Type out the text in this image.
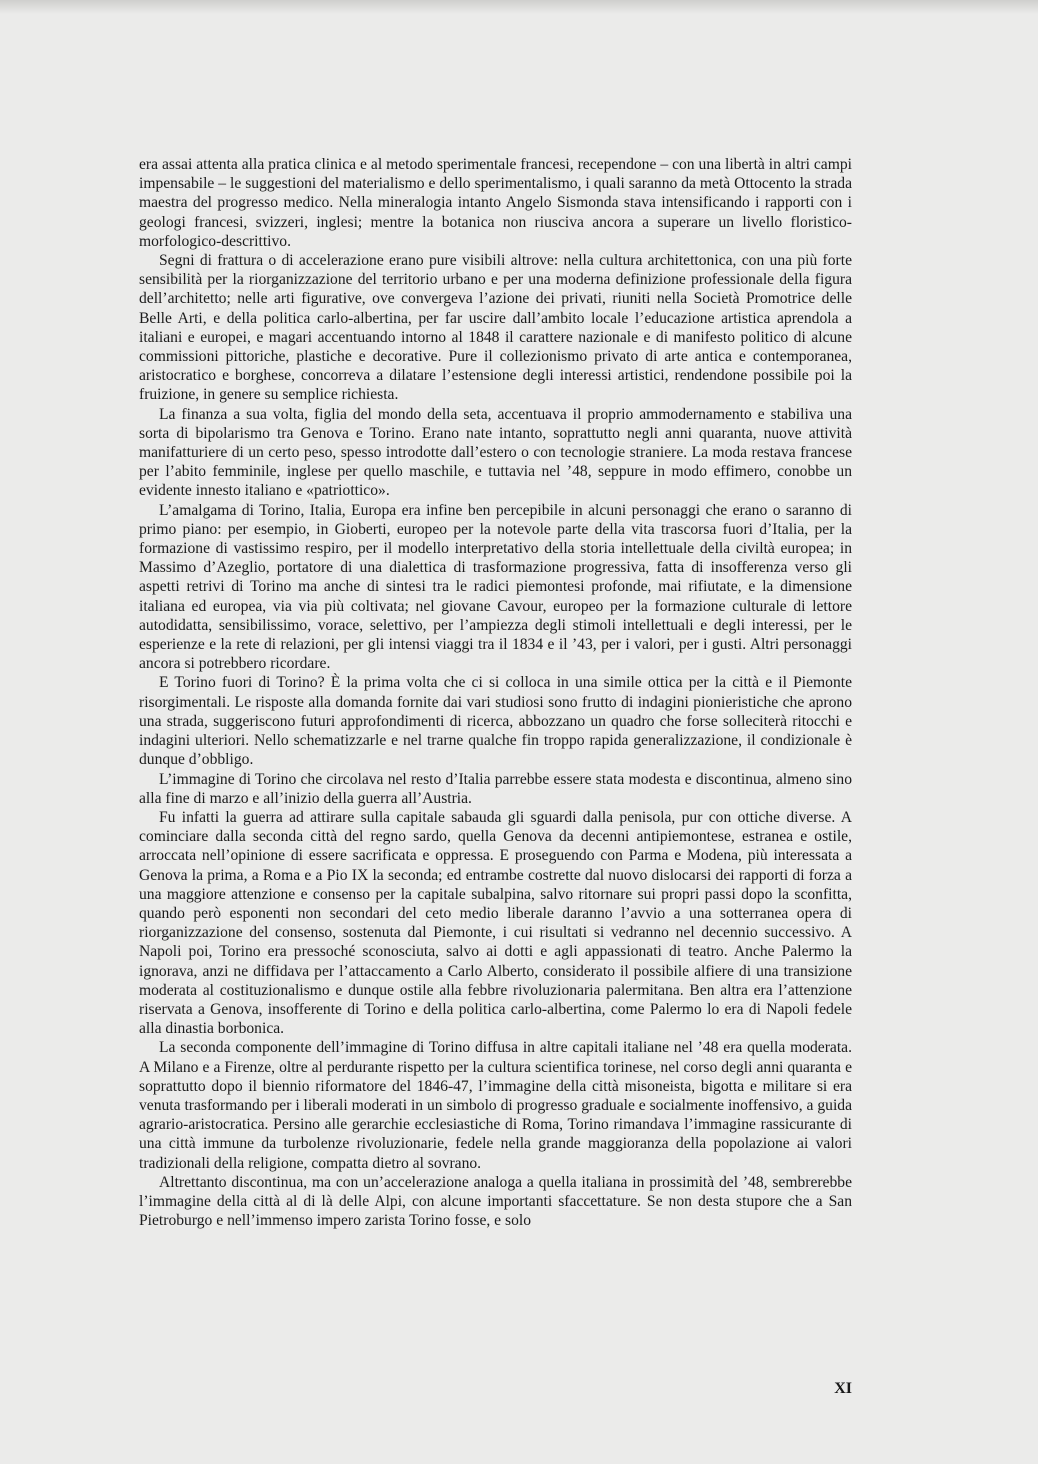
era assai attenta alla pratica clinica e al metodo sperimentale francesi, recependone – con una libertà in altri campi impensabile – le suggestioni del materialismo e dello sperimentalismo, i quali saranno da metà Ottocento la strada maestra del progresso medico. Nella mineralogia intanto Angelo Sismonda stava intensificando i rapporti con i geologi francesi, svizzeri, inglesi; mentre la botanica non riusciva ancora a superare un livello floristico-morfologico-descrittivo.

Segni di frattura o di accelerazione erano pure visibili altrove: nella cultura architettonica, con una più forte sensibilità per la riorganizzazione del territorio urbano e per una moderna definizione professionale della figura dell’architetto; nelle arti figurative, ove convergeva l’azione dei privati, riuniti nella Società Promotrice delle Belle Arti, e della politica carlo-albertina, per far uscire dall’ambito locale l’educazione artistica aprendola a italiani e europei, e magari accentuando intorno al 1848 il carattere nazionale e di manifesto politico di alcune commissioni pittoriche, plastiche e decorative. Pure il collezionismo privato di arte antica e contemporanea, aristocratico e borghese, concorreva a dilatare l’estensione degli interessi artistici, rendendone possibile poi la fruizione, in genere su semplice richiesta.

La finanza a sua volta, figlia del mondo della seta, accentuava il proprio ammodernamento e stabiliva una sorta di bipolarismo tra Genova e Torino. Erano nate intanto, soprattutto negli anni quaranta, nuove attività manifatturiere di un certo peso, spesso introdotte dall’estero o con tecnologie straniere. La moda restava francese per l’abito femminile, inglese per quello maschile, e tuttavia nel ’48, seppure in modo effimero, conobbe un evidente innesto italiano e «patriottico».

L’amalgama di Torino, Italia, Europa era infine ben percepibile in alcuni personaggi che erano o saranno di primo piano: per esempio, in Gioberti, europeo per la notevole parte della vita trascorsa fuori d’Italia, per la formazione di vastissimo respiro, per il modello interpretativo della storia intellettuale della civiltà europea; in Massimo d’Azeglio, portatore di una dialettica di trasformazione progressiva, fatta di insofferenza verso gli aspetti retrivi di Torino ma anche di sintesi tra le radici piemontesi profonde, mai rifiutate, e la dimensione italiana ed europea, via via più coltivata; nel giovane Cavour, europeo per la formazione culturale di lettore autodidatta, sensibilissimo, vorace, selettivo, per l’ampiezza degli stimoli intellettuali e degli interessi, per le esperienze e la rete di relazioni, per gli intensi viaggi tra il 1834 e il ’43, per i valori, per i gusti. Altri personaggi ancora si potrebbero ricordare.

E Torino fuori di Torino? È la prima volta che ci si colloca in una simile ottica per la città e il Piemonte risorgimentali. Le risposte alla domanda fornite dai vari studiosi sono frutto di indagini pionieristiche che aprono una strada, suggeriscono futuri approfondimenti di ricerca, abbozzano un quadro che forse solleciterà ritocchi e indagini ulteriori. Nello schematizzarle e nel trarne qualche fin troppo rapida generalizzazione, il condizionale è dunque d’obbligo.

L’immagine di Torino che circolava nel resto d’Italia parrebbe essere stata modesta e discontinua, almeno sino alla fine di marzo e all’inizio della guerra all’Austria.

Fu infatti la guerra ad attirare sulla capitale sabauda gli sguardi dalla penisola, pur con ottiche diverse. A cominciare dalla seconda città del regno sardo, quella Genova da decenni antipiemontese, estranea e ostile, arroccata nell’opinione di essere sacrificata e oppressa. E proseguendo con Parma e Modena, più interessata a Genova la prima, a Roma e a Pio IX la seconda; ed entrambe costrette dal nuovo dislocarsi dei rapporti di forza a una maggiore attenzione e consenso per la capitale subalpina, salvo ritornare sui propri passi dopo la sconfitta, quando però esponenti non secondari del ceto medio liberale daranno l’avvio a una sotterranea opera di riorganizzazione del consenso, sostenuta dal Piemonte, i cui risultati si vedranno nel decennio successivo. A Napoli poi, Torino era pressoché sconosciuta, salvo ai dotti e agli appassionati di teatro. Anche Palermo la ignorava, anzi ne diffidava per l’attaccamento a Carlo Alberto, considerato il possibile alfiere di una transizione moderata al costituzionalismo e dunque ostile alla febbre rivoluzionaria palermitana. Ben altra era l’attenzione riservata a Genova, insofferente di Torino e della politica carlo-albertina, come Palermo lo era di Napoli fedele alla dinastia borbonica.

La seconda componente dell’immagine di Torino diffusa in altre capitali italiane nel ’48 era quella moderata. A Milano e a Firenze, oltre al perdurante rispetto per la cultura scientifica torinese, nel corso degli anni quaranta e soprattutto dopo il biennio riformatore del 1846-47, l’immagine della città misoneista, bigotta e militare si era venuta trasformando per i liberali moderati in un simbolo di progresso graduale e socialmente inoffensivo, a guida agrario-aristocratica. Persino alle gerarchie ecclesiastiche di Roma, Torino rimandava l’immagine rassicurante di una città immune da turbolenze rivoluzionarie, fedele nella grande maggioranza della popolazione ai valori tradizionali della religione, compatta dietro al sovrano.

Altrettanto discontinua, ma con un’accelerazione analoga a quella italiana in prossimità del ’48, sembrerebbe l’immagine della città al di là delle Alpi, con alcune importanti sfaccettature. Se non desta stupore che a San Pietroburgo e nell’immenso impero zarista Torino fosse, e solo

XI
